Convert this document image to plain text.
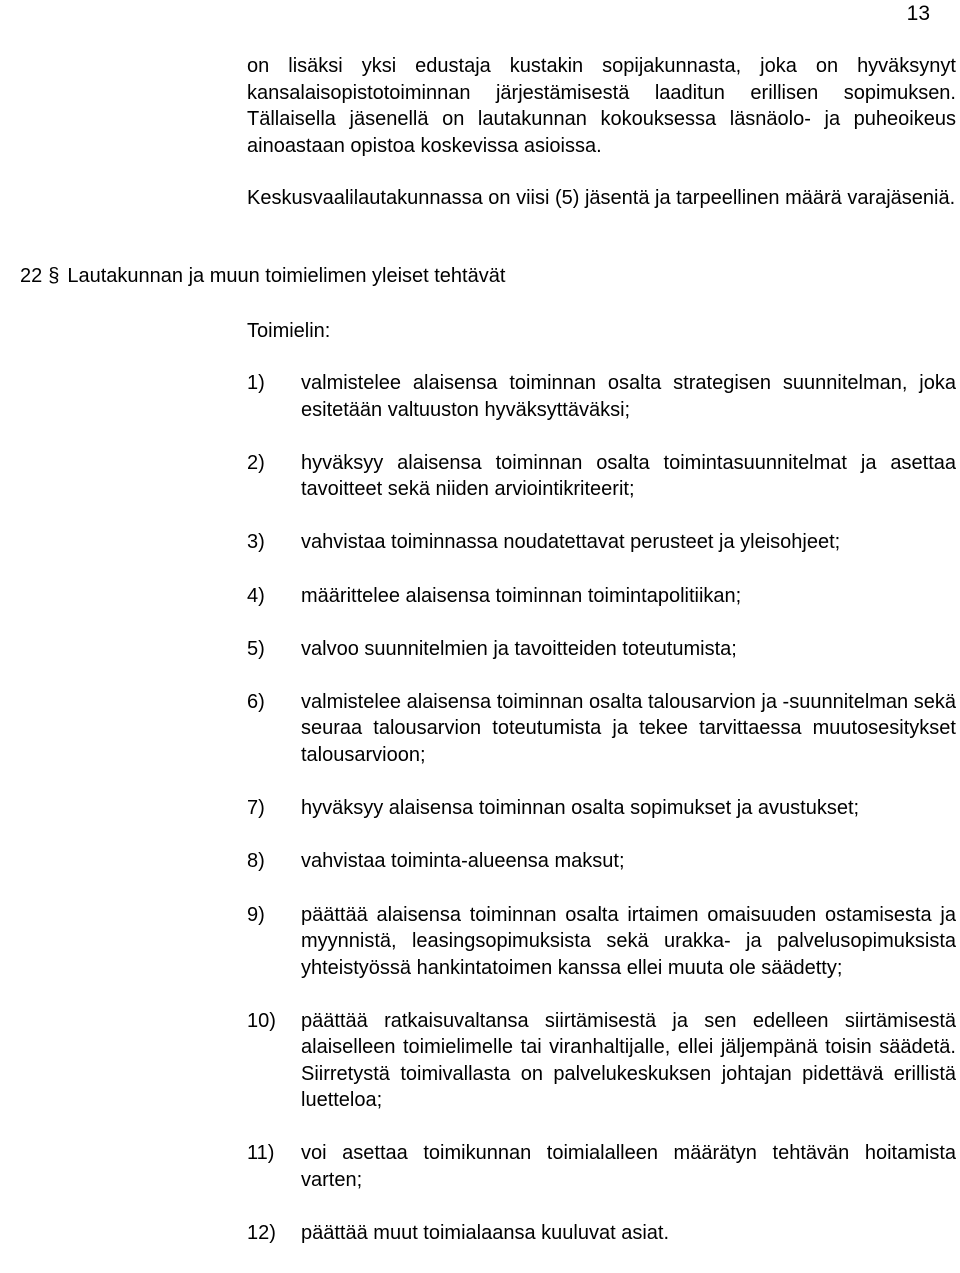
13

on lisäksi yksi edustaja kustakin sopijakunnasta, joka on hyväksynyt kansalaisopistotoiminnan järjestämisestä laaditun erillisen sopimuksen. Tällaisella jäsenellä on lautakunnan kokouksessa läsnäolo- ja puheoikeus ainoastaan opistoa koskevissa asioissa.

Keskusvaalilautakunnassa on viisi (5) jäsentä ja tarpeellinen määrä varajäseniä.

22 § Lautakunnan ja muun toimielimen yleiset tehtävät
Toimielin:
1)	valmistelee alaisensa toiminnan osalta strategisen suunnitelman, joka esitetään valtuuston hyväksyttäväksi;
2)	hyväksyy alaisensa toiminnan osalta toimintasuunnitelmat ja asettaa tavoitteet sekä niiden arviointikriteerit;
3)	vahvistaa toiminnassa noudatettavat perusteet ja yleisohjeet;
4)	määrittelee alaisensa toiminnan toimintapolitiikan;
5)	valvoo suunnitelmien ja tavoitteiden toteutumista;
6)	valmistelee alaisensa toiminnan osalta talousarvion ja -suunnitelman sekä seuraa talousarvion toteutumista ja tekee tarvittaessa muutosesitykset talousarvioon;
7)	hyväksyy alaisensa toiminnan osalta sopimukset ja avustukset;
8)	vahvistaa toiminta-alueensa maksut;
9)	päättää alaisensa toiminnan osalta irtaimen omaisuuden ostamisesta ja myynnistä, leasingsopimuksista sekä urakka- ja palvelusopimuksista yhteistyössä hankintatoimen kanssa ellei muuta ole säädetty;
10)	päättää ratkaisuvaltansa siirtämisestä ja sen edelleen siirtämisestä alaiselleen toimielimelle tai viranhaltijalle, ellei jäljempänä toisin säädetä. Siirretystä toimivallasta on palvelukeskuksen johtajan pidettävä erillistä luetteloa;
11)	voi asettaa toimikunnan toimialalleen määrätyn tehtävän hoitamista varten;
12)	päättää muut toimialaansa kuuluvat asiat.
